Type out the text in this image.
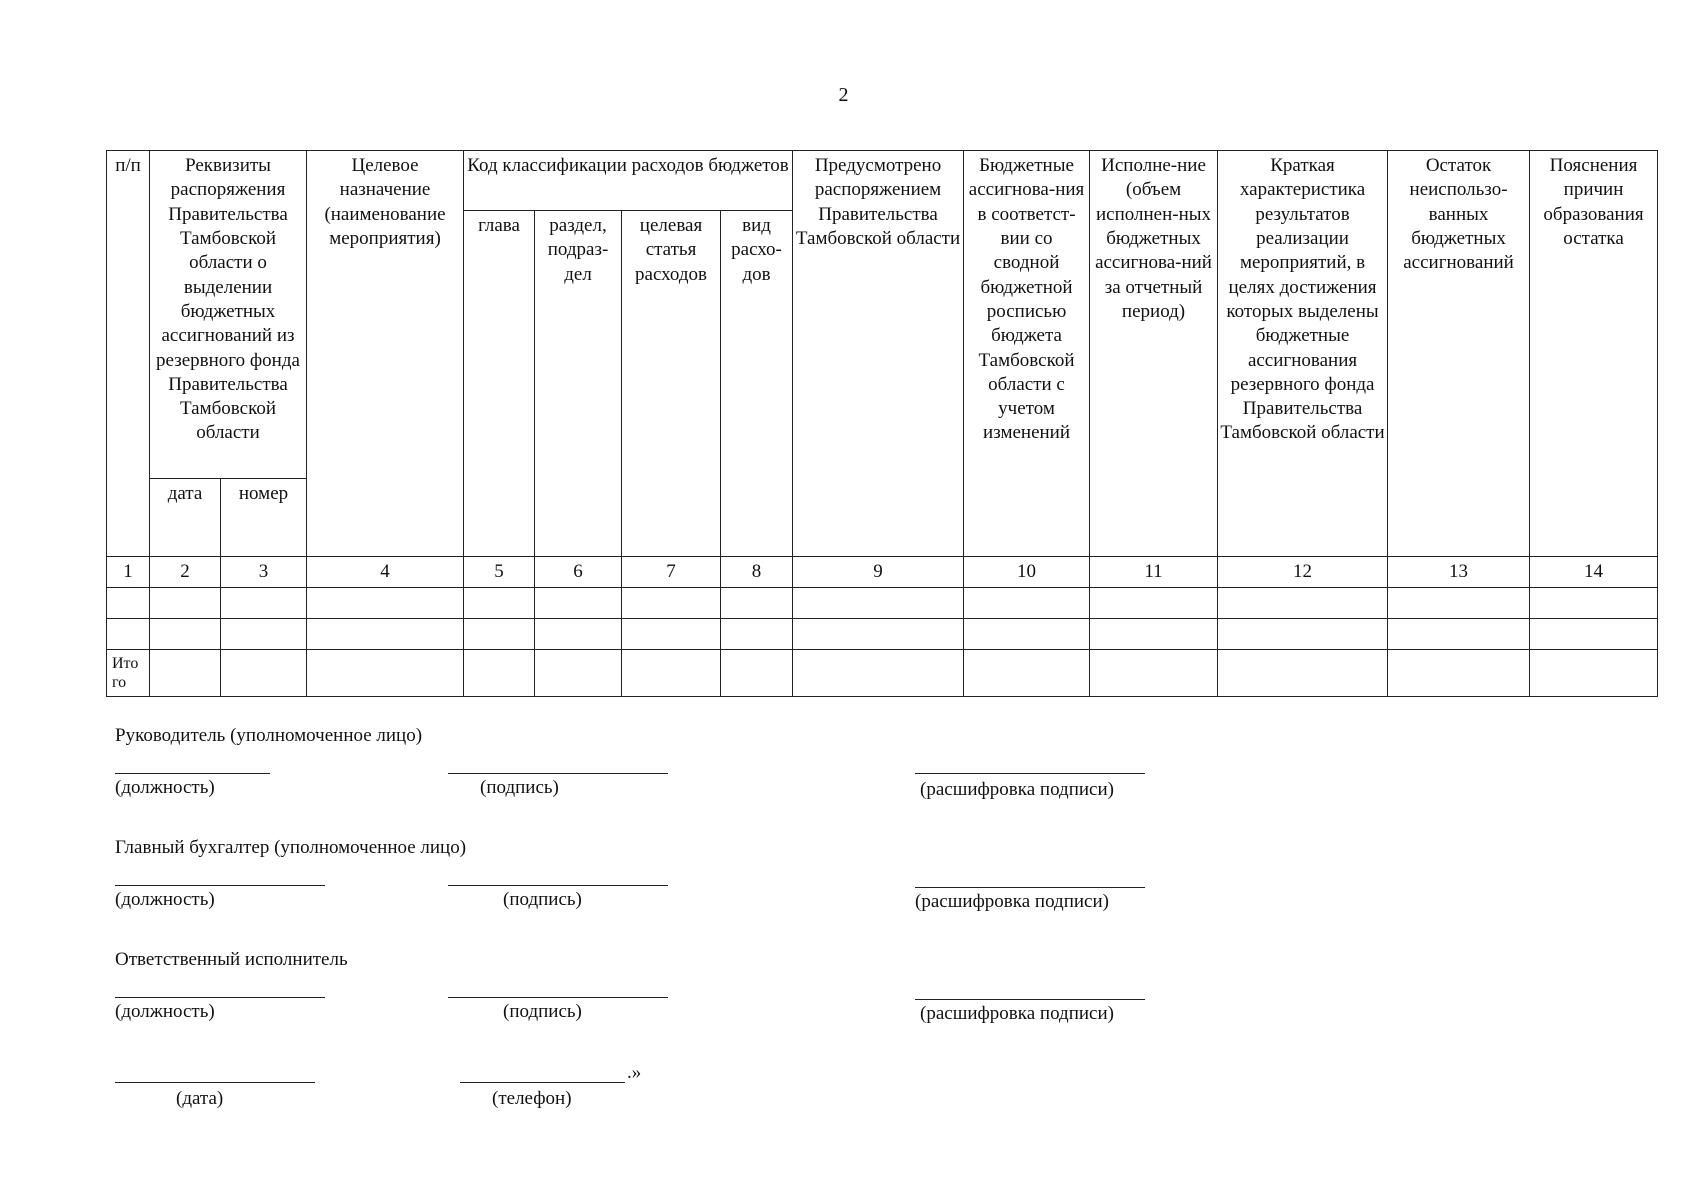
2
п/п	Реквизиты распоряжения Правительства Тамбовской области о выделении бюджетных ассигнований из резервного фонда Правительства Тамбовской области		Целевое назначение (наименование мероприятия)	Код классификации расходов бюджетов				Предусмотрено распоряжением Правительства Тамбовской области	Бюджетные ассигнова-ния в соответст-вии со сводной бюджетной росписью бюджета Тамбовской области с учетом изменений	Исполне-ние (объем исполнен-ных бюджетных ассигнова-ний за отчетный период)	Краткая характеристика результатов реализации мероприятий, в целях достижения которых выделены бюджетные ассигнования резервного фонда Правительства Тамбовской области	Остаток неиспользо-ванных бюджетных ассигнований	Пояснения причин образования остатка
				глава	раздел, подраз-дел	целевая статья расходов	вид расхо-дов						
	дата	номер											
1	2	3	4	5	6	7	8	9	10	11	12	13	14

Ито го													
Руководитель (уполномоченное лицо)
(должность)	(подпись)	(расшифровка подписи)
Главный бухгалтер (уполномоченное лицо)
(должность)	(подпись)	(расшифровка подписи)
Ответственный исполнитель
(должность)	(подпись)	(расшифровка подписи)
.»
(дата)	(телефон)
